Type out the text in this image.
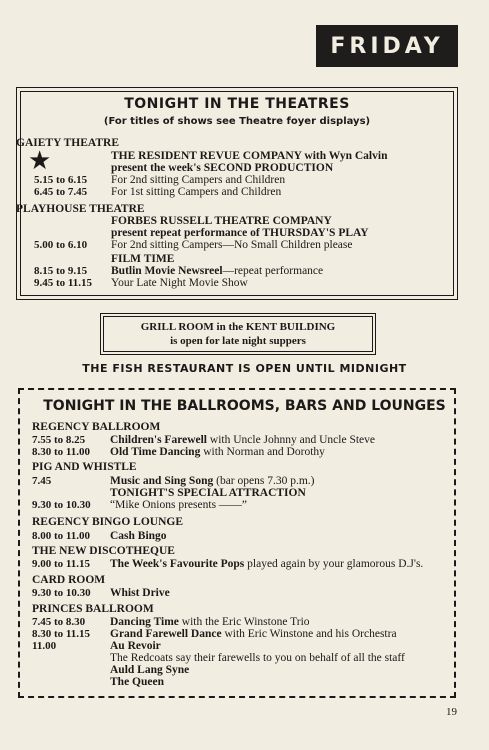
FRIDAY
TONIGHT IN THE THEATRES
(For titles of shows see Theatre foyer displays)
GAIETY THEATRE
★	THE RESIDENT REVUE COMPANY with Wyn Calvin
present the week's SECOND PRODUCTION
5.15 to 6.15 For 2nd sitting Campers and Children
6.45 to 7.45 For 1st sitting Campers and Children
PLAYHOUSE THEATRE
FORBES RUSSELL THEATRE COMPANY
present repeat performance of THURSDAY'S PLAY
5.00 to 6.10 For 2nd sitting Campers—No Small Children please
FILM TIME
8.15 to 9.15 Butlin Movie Newsreel—repeat performance
9.45 to 11.15 Your Late Night Movie Show
GRILL ROOM in the KENT BUILDING
is open for late night suppers
THE FISH RESTAURANT IS OPEN UNTIL MIDNIGHT
TONIGHT IN THE BALLROOMS, BARS AND LOUNGES
REGENCY BALLROOM
7.55 to 8.25 Children's Farewell with Uncle Johnny and Uncle Steve
8.30 to 11.00 Old Time Dancing with Norman and Dorothy
PIG AND WHISTLE
7.45	Music and Sing Song (bar opens 7.30 p.m.)
TONIGHT'S SPECIAL ATTRACTION
9.30 to 10.30 “Mike Onions presents ——”
REGENCY BINGO LOUNGE
8.00 to 11.00 Cash Bingo
THE NEW DISCOTHEQUE
9.00 to 11.15 The Week's Favourite Pops played again by your glamorous D.J's.
CARD ROOM
9.30 to 10.30 Whist Drive
PRINCES BALLROOM
7.45 to 8.30 Dancing Time with the Eric Winstone Trio
8.30 to 11.15 Grand Farewell Dance with Eric Winstone and his Orchestra
11.00	Au Revoir
The Redcoats say their farewells to you on behalf of all the staff
Auld Lang Syne
The Queen
19
